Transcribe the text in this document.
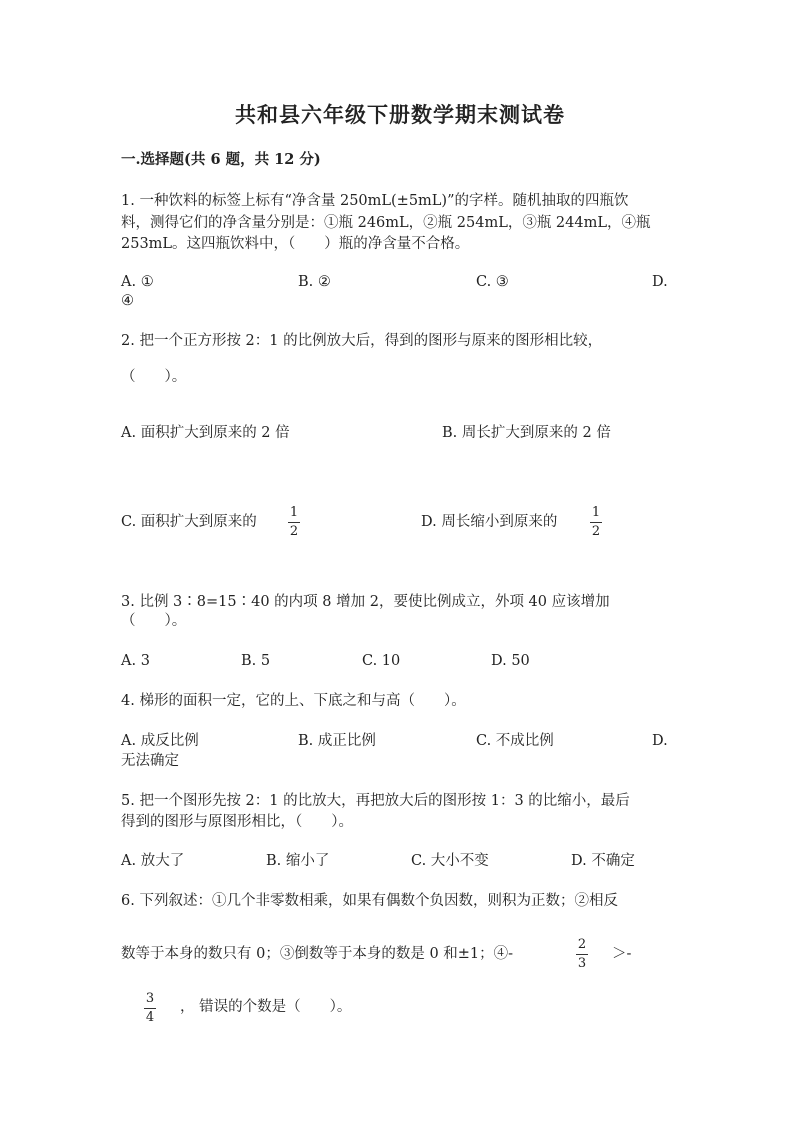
共和县六年级下册数学期末测试卷
一.选择题(共 6 题，共 12 分)
1. 一种饮料的标签上标有“净含量 250mL(±5mL)”的字样。随机抽取的四瓶饮
料，测得它们的净含量分别是：①瓶 246mL，②瓶 254mL，③瓶 244mL，④瓶
253mL。这四瓶饮料中，（　　）瓶的净含量不合格。
A. ①	B. ②	C. ③	D.
④
2. 把一个正方形按 2：1 的比例放大后，得到的图形与原来的图形相比较，
（　　）。
A. 面积扩大到原来的 2 倍	B. 周长扩大到原来的 2 倍
C. 面积扩大到原来的
1
2
D. 周长缩小到原来的
1
2
3. 比例 3∶8=15∶40 的内项 8 增加 2，要使比例成立，外项 40 应该增加
（　　）。
A. 3	B. 5	C. 10	D. 50
4. 梯形的面积一定，它的上、下底之和与高（　　）。
A. 成反比例	B. 成正比例	C. 不成比例	D.
无法确定
5. 把一个图形先按 2：1 的比放大，再把放大后的图形按 1：3 的比缩小，最后
得到的图形与原图形相比，（　　）。
A. 放大了	B. 缩小了	C. 大小不变	D. 不确定
6. 下列叙述：①几个非零数相乘，如果有偶数个负因数，则积为正数；②相反
数等于本身的数只有 0；③倒数等于本身的数是 0 和±1；④-
2
3
＞-
3
4
， 错误的个数是（　　）。
